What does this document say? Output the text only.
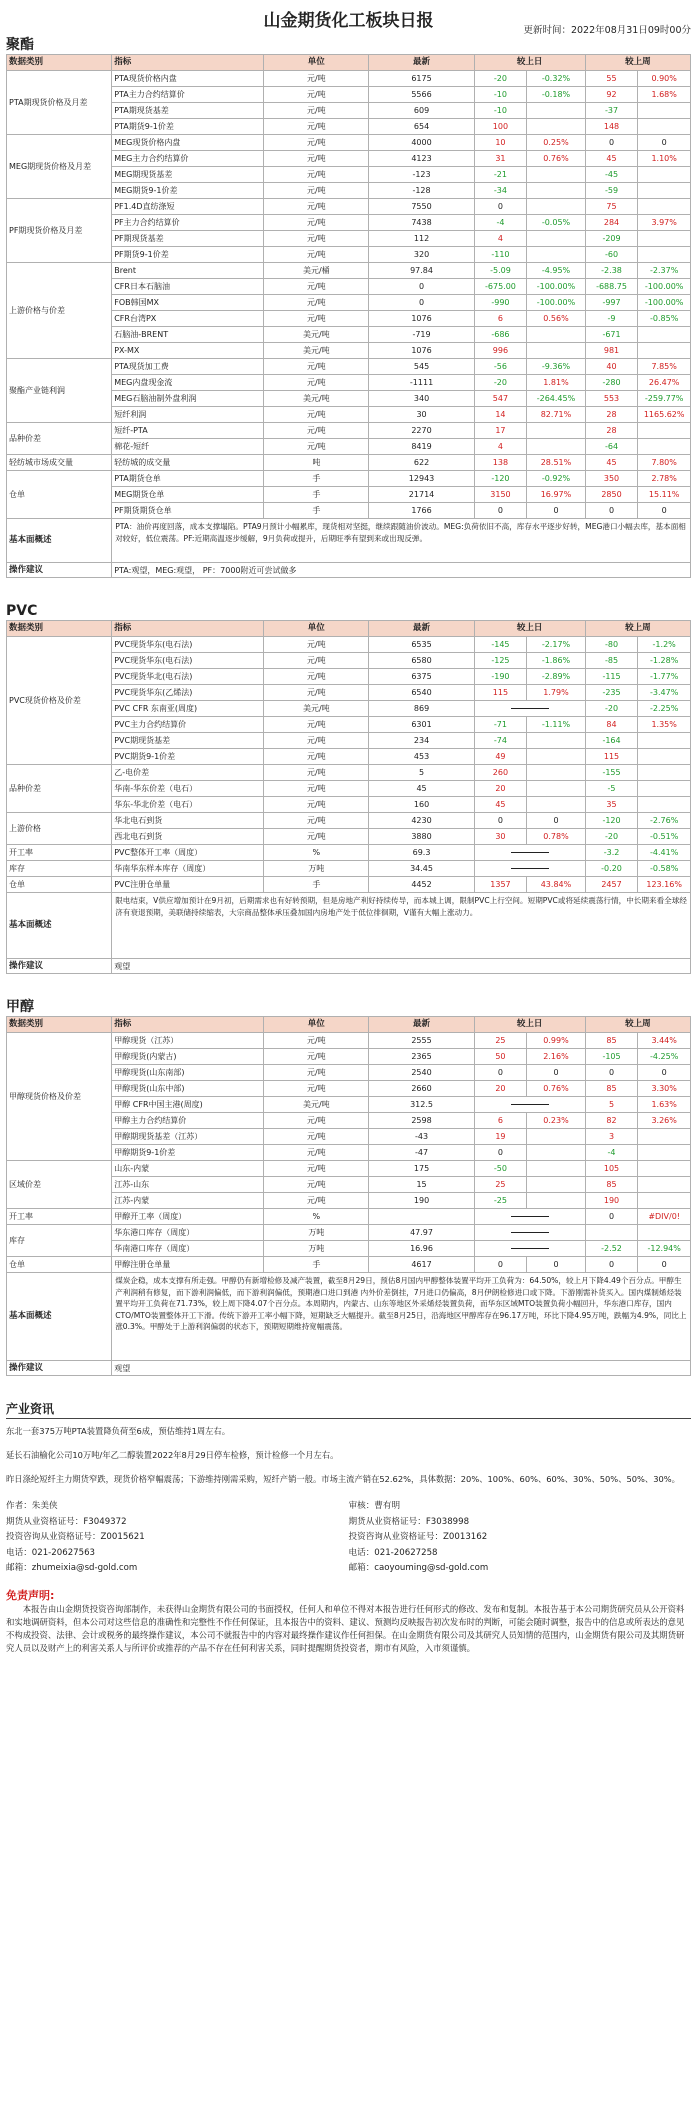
山金期货化工板块日报	更新时间：2022年08月31日09时00分
聚酯
数据类别	指标	单位	最新	较上日		较上周	
PTA期现货价格及月差	PTA现货价格内盘	元/吨	6175	-20	-0.32%	55	0.90%
	PTA主力合约结算价	元/吨	5566	-10	-0.18%	92	1.68%
	PTA期现货基差	元/吨	609	-10		-37	
	PTA期货9-1价差	元/吨	654	100		148	
MEG期现货价格及月差	MEG现货价格内盘	元/吨	4000	10	0.25%	0	0
	MEG主力合约结算价	元/吨	4123	31	0.76%	45	1.10%
	MEG期现货基差	元/吨	-123	-21		-45	
	MEG期货9-1价差	元/吨	-128	-34		-59	
PF期现货价格及月差	PF1.4D直纺涤短	元/吨	7550	0		75	
	PF主力合约结算价	元/吨	7438	-4	-0.05%	284	3.97%
	PF期现货基差	元/吨	112	4		-209	
	PF期货9-1价差	元/吨	320	-110		-60	
上游价格与价差	Brent	美元/桶	97.84	-5.09	-4.95%	-2.38	-2.37%
	CFR日本石脑油	元/吨	0	-675.00	-100.00%	-688.75	-100.00%
	FOB韩国MX	元/吨	0	-990	-100.00%	-997	-100.00%
	CFR台湾PX	元/吨	1076	6	0.56%	-9	-0.85%
	石脑油-BRENT	美元/吨	-719	-686		-671	
	PX-MX	美元/吨	1076	996		981	
聚酯产业链利润	PTA现货加工费	元/吨	545	-56	-9.36%	40	7.85%
	MEG内盘现金流	元/吨	-1111	-20	1.81%	-280	26.47%
	MEG石脑油制外盘利润	美元/吨	340	547	-264.45%	553	-259.77%
	短纤利润	元/吨	30	14	82.71%	28	1165.62%
品种价差	短纤-PTA	元/吨	2270	17		28	
	棉花-短纤	元/吨	8419	4		-64	
轻纺城市场成交量	轻纺城的成交量	吨	622	138	28.51%	45	7.80%
仓单	PTA期货仓单	手	12943	-120	-0.92%	350	2.78%
	MEG期货仓单	手	21714	3150	16.97%	2850	15.11%
	PF期货期货仓单	手	1766	0	0	0	0
基本面概述	PTA：油价再度回落，成本支撑塌陷。PTA9月预计小幅累库，现货相对坚挺，继续跟随油价波动。MEG:负荷依旧不高，库存水平逐步好转，MEG港口小幅去库，基本面相对较好，低位震荡。PF:近期高温逐步缓解，9月负荷或提升，后期旺季有望到来或出现反弹。						
操作建议	PTA:观望，MEG:观望， PF：7000附近可尝试做多						
PVC
数据类别	指标	单位	最新	较上日		较上周	
PVC现货价格及价差	PVC现货华东(电石法)	元/吨	6535	-145	-2.17%	-80	-1.2%
	PVC现货华东(电石法)	元/吨	6580	-125	-1.86%	-85	-1.28%
	PVC现货华北(电石法)	元/吨	6375	-190	-2.89%	-115	-1.77%
	PVC现货华东(乙烯法)	元/吨	6540	115	1.79%	-235	-3.47%
	PVC CFR 东南亚(周度)	美元/吨	869			-20	-2.25%
	PVC主力合约结算价	元/吨	6301	-71	-1.11%	84	1.35%
	PVC期现货基差	元/吨	234	-74		-164	
	PVC期货9-1价差	元/吨	453	49		115	
品种价差	乙-电价差	元/吨	5	260		-155	
	华南-华东价差（电石）	元/吨	45	20		-5	
	华东-华北价差（电石）	元/吨	160	45		35	
上游价格	华北电石到货	元/吨	4230	0	0	-120	-2.76%
	西北电石到货	元/吨	3880	30	0.78%	-20	-0.51%
开工率	PVC整体开工率（周度）	%	69.3			-3.2	-4.41%
库存	华南华东样本库存（周度）	万吨	34.45			-0.20	-0.58%
仓单	PVC注册仓单量	手	4452	1357	43.84%	2457	123.16%
基本面概述	限电结束，V供应增加预计在9月初，后期需求也有好转预期，但是房地产利好持续传导，而本城上调，限制PVC上行空间。短期PVC或将延续震荡行情，中长期来看全球经济有衰退预期，美联储持续缩表，大宗商品整体承压叠加国内房地产处于低位徘徊期，V谨有大幅上涨动力。						
操作建议	观望						
甲醇
数据类别	指标	单位	最新	较上日		较上周	
甲醇现货价格及价差	甲醇现货（江苏）	元/吨	2555	25	0.99%	85	3.44%
	甲醇现货(内蒙古)	元/吨	2365	50	2.16%	-105	-4.25%
	甲醇现货(山东南部)	元/吨	2540	0	0	0	0
	甲醇现货(山东中部)	元/吨	2660	20	0.76%	85	3.30%
	甲醇 CFR中国主港(周度)	美元/吨	312.5			5	1.63%
	甲醇主力合约结算价	元/吨	2598	6	0.23%	82	3.26%
	甲醇期现货基差（江苏）	元/吨	-43	19		3	
	甲醇期货9-1价差	元/吨	-47	0		-4	
区域价差	山东-内蒙	元/吨	175	-50		105	
	江苏-山东	元/吨	15	25		85	
	江苏-内蒙	元/吨	190	-25		190	
开工率	甲醇开工率（周度）	%				0	#DIV/0!
库存	华东港口库存（周度）	万吨	47.97				
	华南港口库存（周度）	万吨	16.96			-2.52	-12.94%
仓单	甲醇注册仓单量	手	4617	0	0	0	0
基本面概述	煤炭企稳，成本支撑有所走强。甲醇仍有新增检修及减产装置，截至8月29日，预估8月国内甲醇整体装置平均开工负荷为：64.50%，较上月下降4.49个百分点。甲醇生产利润稍有修复，而下游利润偏低，而下游利润偏低，预期港口进口到港 内外价差倒挂，7月进口仍偏高，8月伊朗检修进口或下降。下游刚需补货买入。国内煤制烯烃装置平均开工负荷在71.73%，较上周下降4.07个百分点。本周期内，内蒙古、山东等地区外采烯烃装置负荷，而华东区域MTO装置负荷小幅回升，华东港口库存，国内CTO/MTO装置整体开工下滑。传统下游开工率小幅下降，短期缺乏大幅提升。截至8月25日，沿海地区甲醇库存在96.17万吨，环比下降4.95万吨，跌幅为4.9%，同比上涨0.3%。甲醇处于上游利润偏弱的状态下，预期短期维持宽幅震荡。						
操作建议	观望						
产业资讯

东北一套375万吨PTA装置降负荷至6成，预估维持1周左右。

延长石油榆化公司10万吨/年乙二醇装置2022年8月29日停车检修，预计检修一个月左右。

昨日涤纶短纤主力期货窄跌，现货价格窄幅震荡；下游维持刚需采购，短纤产销一般。市场主流产销在52.62%，具体数据：20%、100%、60%、60%、30%、50%、50%、30%。

作者：朱美侠
期货从业资格证号：F3049372
投资咨询从业资格证号：Z0015621
电话：021-20627563
邮箱：zhumeixia@sd-gold.com
审核：曹有明
期货从业资格证号：F3038998
投资咨询从业资格证号：Z0013162
电话：021-20627258
邮箱：caoyouming@sd-gold.com
免责声明:
本报告由山金期货投资咨询部制作，未获得山金期货有限公司的书面授权，任何人和单位不得对本报告进行任何形式的修改、发布和复制。本报告基于本公司期货研究员从公开资料和实地调研资料，但本公司对这些信息的准确性和完整性不作任何保证，且本报告中的资料、建议、预测均反映报告初次发布时的判断，可能会随时调整，报告中的信息或所表达的意见不构成投资、法律、会计或税务的最终操作建议，本公司不就报告中的内容对最终操作建议作任何担保。在山金期货有限公司及其研究人员知情的范围内，山金期货有限公司及其期货研究人员以及财产上的利害关系人与所评价或推荐的产品不存在任何利害关系，同时提醒期货投资者，期市有风险，入市须谨慎。
